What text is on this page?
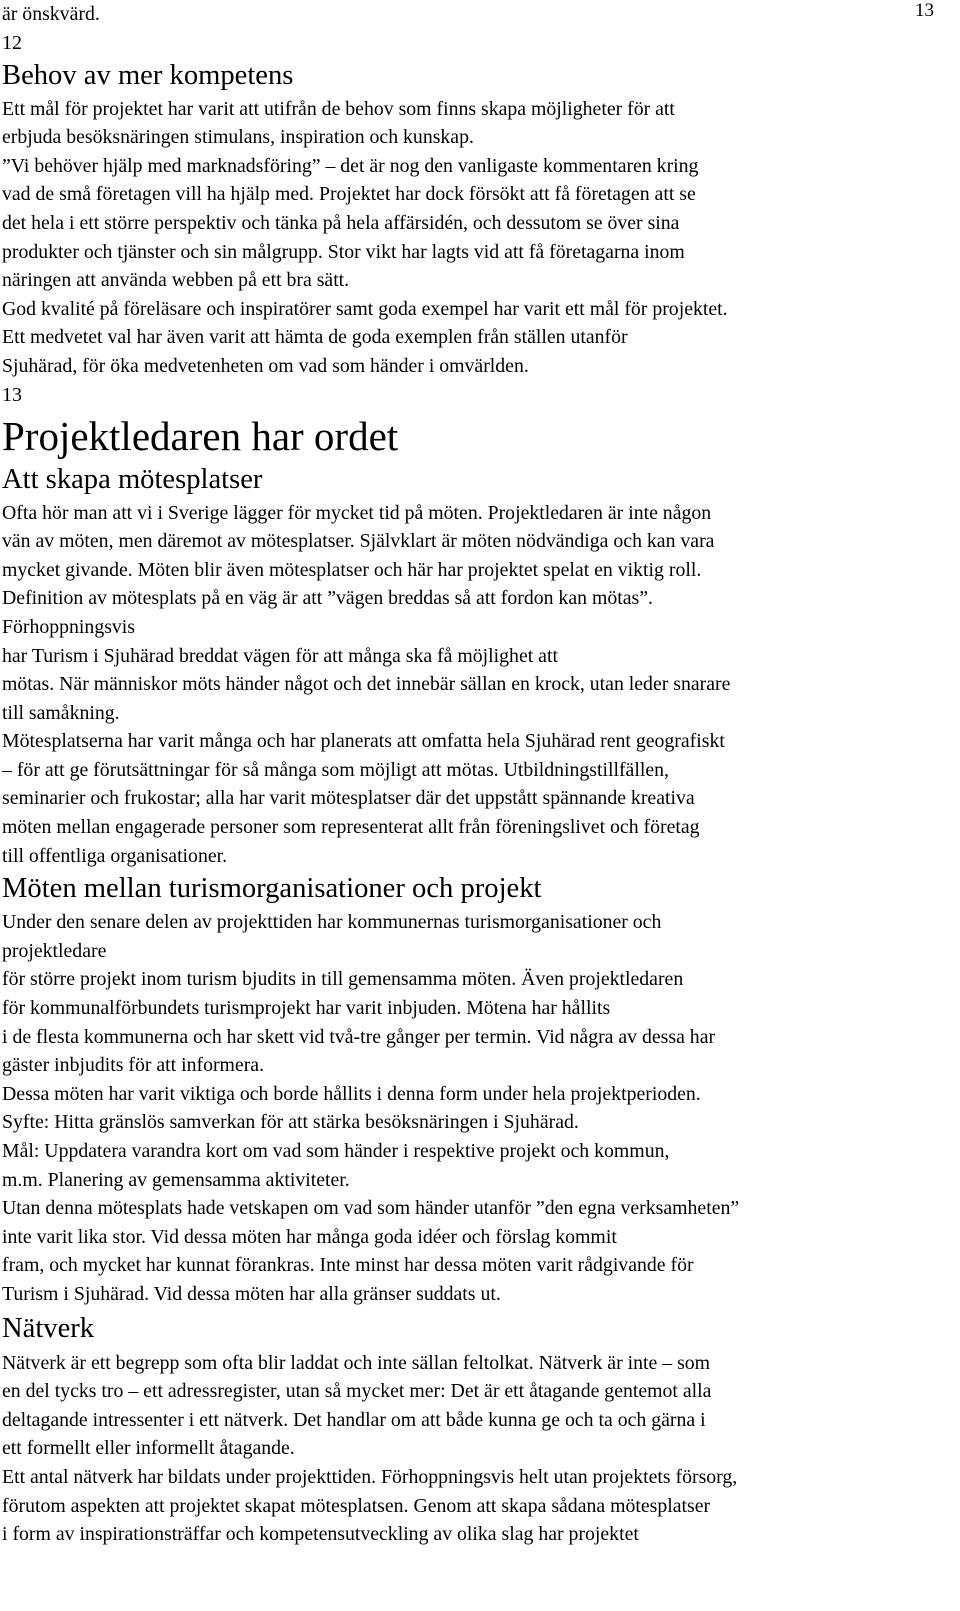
13
är önskvärd.
12
Behov av mer kompetens
Ett mål för projektet har varit att utifrån de behov som finns skapa möjligheter för att
erbjuda besöksnäringen stimulans, inspiration och kunskap.
”Vi behöver hjälp med marknadsföring” – det är nog den vanligaste kommentaren kring
vad de små företagen vill ha hjälp med. Projektet har dock försökt att få företagen att se
det hela i ett större perspektiv och tänka på hela affärsidén, och dessutom se över sina
produkter och tjänster och sin målgrupp. Stor vikt har lagts vid att få företagarna inom
näringen att använda webben på ett bra sätt.
God kvalité på föreläsare och inspiratörer samt goda exempel har varit ett mål för projektet.
Ett medvetet val har även varit att hämta de goda exemplen från ställen utanför
Sjuhärad, för öka medvetenheten om vad som händer i omvärlden.
13
Projektledaren har ordet
Att skapa mötesplatser
Ofta hör man att vi i Sverige lägger för mycket tid på möten. Projektledaren är inte någon
vän av möten, men däremot av mötesplatser. Självklart är möten nödvändiga och kan vara
mycket givande. Möten blir även mötesplatser och här har projektet spelat en viktig roll.
Definition av mötesplats på en väg är att ”vägen breddas så att fordon kan mötas”.
Förhoppningsvis
har Turism i Sjuhärad breddat vägen för att många ska få möjlighet att
mötas. När människor möts händer något och det innebär sällan en krock, utan leder snarare
till samåkning.
Mötesplatserna har varit många och har planerats att omfatta hela Sjuhärad rent geografiskt
– för att ge förutsättningar för så många som möjligt att mötas. Utbildningstillfällen,
seminarier och frukostar; alla har varit mötesplatser där det uppstått spännande kreativa
möten mellan engagerade personer som representerat allt från föreningslivet och företag
till offentliga organisationer.
Möten mellan turismorganisationer och projekt
Under den senare delen av projekttiden har kommunernas turismorganisationer och
projektledare
för större projekt inom turism bjudits in till gemensamma möten. Även projektledaren
för kommunalförbundets turismprojekt har varit inbjuden. Mötena har hållits
i de flesta kommunerna och har skett vid två-tre gånger per termin. Vid några av dessa har
gäster inbjudits för att informera.
Dessa möten har varit viktiga och borde hållits i denna form under hela projektperioden.
Syfte: Hitta gränslös samverkan för att stärka besöksnäringen i Sjuhärad.
Mål: Uppdatera varandra kort om vad som händer i respektive projekt och kommun,
m.m. Planering av gemensamma aktiviteter.
Utan denna mötesplats hade vetskapen om vad som händer utanför ”den egna verksamheten”
inte varit lika stor. Vid dessa möten har många goda idéer och förslag kommit
fram, och mycket har kunnat förankras. Inte minst har dessa möten varit rådgivande för
Turism i Sjuhärad. Vid dessa möten har alla gränser suddats ut.
Nätverk
Nätverk är ett begrepp som ofta blir laddat och inte sällan feltolkat. Nätverk är inte – som
en del tycks tro – ett adressregister, utan så mycket mer: Det är ett åtagande gentemot alla
deltagande intressenter i ett nätverk. Det handlar om att både kunna ge och ta och gärna i
ett formellt eller informellt åtagande.
Ett antal nätverk har bildats under projekttiden. Förhoppningsvis helt utan projektets försorg,
förutom aspekten att projektet skapat mötesplatsen. Genom att skapa sådana mötesplatser
i form av inspirationsträffar och kompetensutveckling av olika slag har projektet
